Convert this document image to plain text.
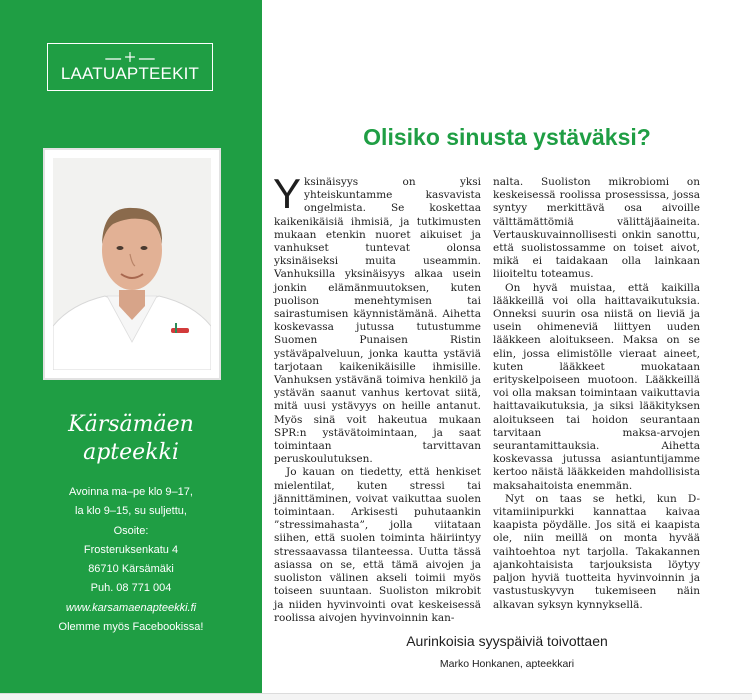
LAATUAPTEEKIT
Kärsämäen
apteekki
Avoinna ma–pe klo 9–17,
la klo 9–15, su suljettu,
Osoite:
Frosteruksenkatu 4
86710 Kärsämäki
Puh. 08 771 004
www.karsamaenapteekki.fi
Olemme myös Facebookissa!
Olisiko sinusta ystäväksi?

Yksinäisyys on yksi yhteiskuntamme kasvavista ongelmista. Se koskettaa kaikenikäisiä ihmisiä, ja tutkimusten mukaan etenkin nuoret aikuiset ja vanhukset tuntevat olonsa yksinäiseksi muita useammin. Vanhuksilla yksinäisyys alkaa usein jonkin elämänmuutoksen, kuten puolison menehtymisen tai sairastumisen käynnistämänä. Aihetta koskevassa jutussa tutustumme Suomen Punaisen Ristin ystäväpalveluun, jonka kautta ystäviä tarjotaan kaikenikäisille ihmisille. Vanhuksen ystävänä toimiva henkilö ja ystävän saanut vanhus kertovat siitä, mitä uusi ystävyys on heille antanut. Myös sinä voit hakeutua mukaan SPR:n ystävätoimintaan, ja saat toimintaan tarvittavan peruskoulutuksen.

Jo kauan on tiedetty, että henkiset mielentilat, kuten stressi tai jännittäminen, voivat vaikuttaa suolen toimintaan. Arkisesti puhutaankin ”stressimahasta”, jolla viitataan siihen, että suolen toiminta häiriintyy stressaavassa tilanteessa. Uutta tässä asiassa on se, että tämä aivojen ja suoliston välinen akseli toimii myös toiseen suuntaan. Suoliston mikrobit ja niiden hyvinvointi ovat keskeisessä roolissa aivojen hyvinvoinnin kan-

nalta. Suoliston mikrobiomi on keskeisessä roolissa prosessissa, jossa syntyy merkittävä osa aivoille välttämättömiä välittäjäaineita. Vertauskuvainnollisesti onkin sanottu, että suolistossamme on toiset aivot, mikä ei taidakaan olla lainkaan liioiteltu toteamus.

On hyvä muistaa, että kaikilla lääkkeillä voi olla haittavaikutuksia. Onneksi suurin osa niistä on lieviä ja usein ohimeneviä liittyen uuden lääkkeen aloitukseen. Maksa on se elin, jossa elimistölle vieraat aineet, kuten lääkkeet muokataan erityskelpoiseen muotoon. Lääkkeillä voi olla maksan toimintaan vaikuttavia haittavaikutuksia, ja siksi lääkityksen aloitukseen tai hoidon seurantaan tarvitaan maksa-arvojen seurantamittauksia. Aihetta koskevassa jutussa asiantuntijamme kertoo näistä lääkkeiden mahdollisista maksahaitoista enemmän.

Nyt on taas se hetki, kun D-vitamiinipurkki kannattaa kaivaa kaapista pöydälle. Jos sitä ei kaapista ole, niin meillä on monta hyvää vaihtoehtoa nyt tarjolla. Takakannen ajankohtaisista tarjouksista löytyy paljon hyviä tuotteita hyvinvoinnin ja vastustuskyvyn tukemiseen näin alkavan syksyn kynnyksellä.

Aurinkoisia syyspäiviä toivottaen
Marko Honkanen, apteekkari
